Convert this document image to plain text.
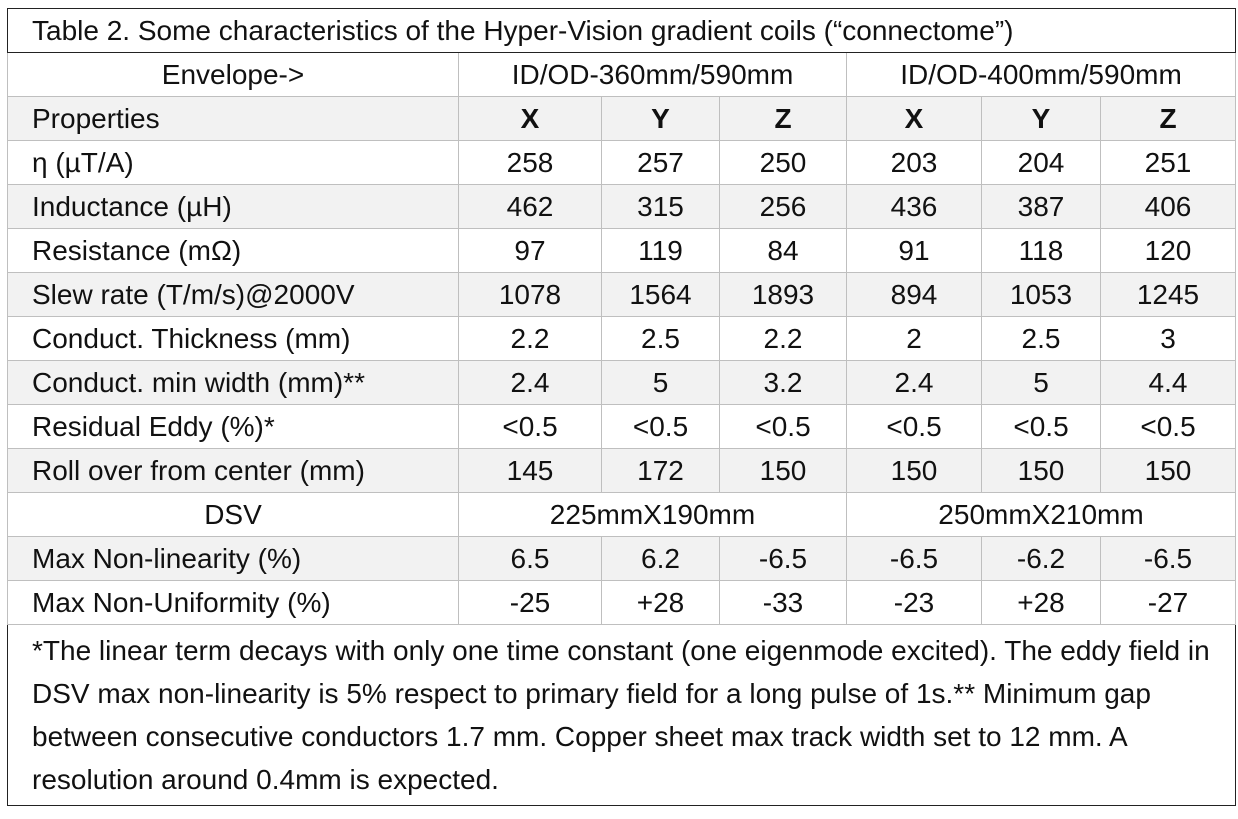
Table 2. Some characteristics of the Hyper-Vision gradient coils (“connectome”)						
Envelope->	ID/OD-360mm/590mm			ID/OD-400mm/590mm		
Properties	X	Y	Z	X	Y	Z
η (µT/A)	258	257	250	203	204	251
Inductance (µH)	462	315	256	436	387	406
Resistance (mΩ)	97	119	84	91	118	120
Slew rate (T/m/s)@2000V	1078	1564	1893	894	1053	1245
Conduct. Thickness (mm)	2.2	2.5	2.2	2	2.5	3
Conduct. min width (mm)**	2.4	5	3.2	2.4	5	4.4
Residual Eddy (%)*	<0.5	<0.5	<0.5	<0.5	<0.5	<0.5
Roll over from center (mm)	145	172	150	150	150	150
DSV	225mmX190mm			250mmX210mm		
Max Non-linearity (%)	6.5	6.2	-6.5	-6.5	-6.2	-6.5
Max Non-Uniformity (%)	-25	+28	-33	-23	+28	-27
*The linear term decays with only one time constant (one eigenmode excited). The eddy field in DSV max non-linearity is 5% respect to primary field for a long pulse of 1s.** Minimum gap between consecutive conductors 1.7 mm. Copper sheet max track width set to 12 mm. A resolution around 0.4mm is expected.						
